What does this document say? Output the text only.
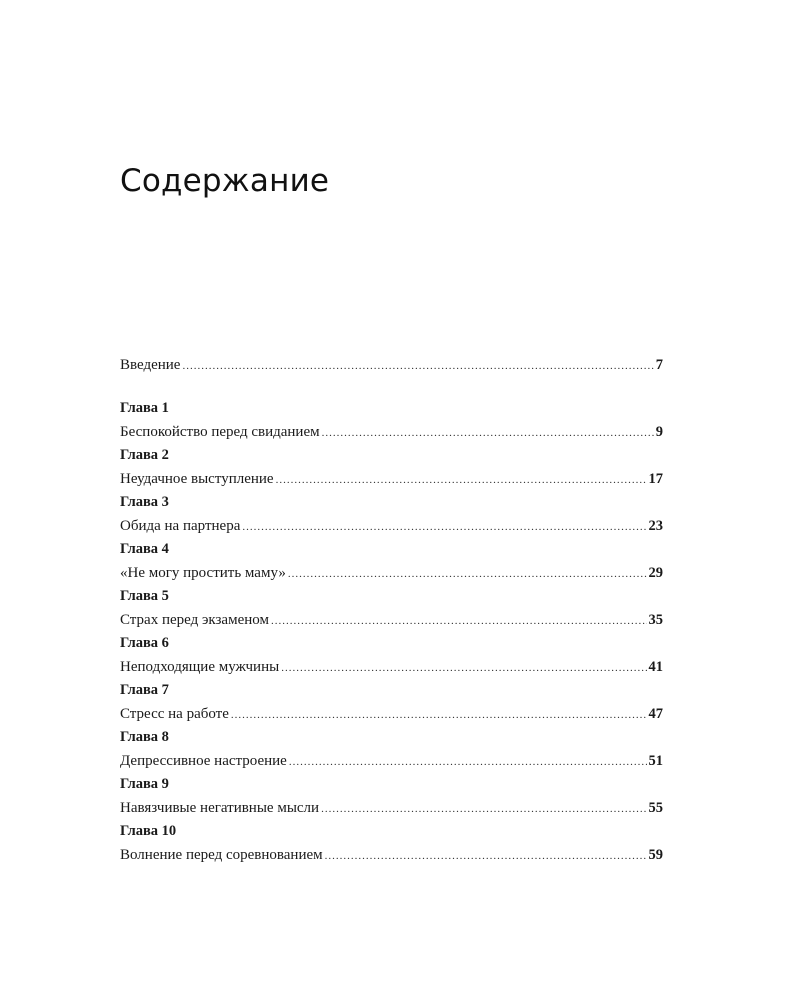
Содержание
Введение .....	7
Глава 1
Беспокойство перед свиданием .....	9
Глава 2
Неудачное выступление .....	17
Глава 3
Обида на партнера .....	23
Глава 4
«Не могу простить маму» .....	29
Глава 5
Страх перед экзаменом .....	35
Глава 6
Неподходящие мужчины .....	41
Глава 7
Стресс на работе .....	47
Глава 8
Депрессивное настроение .....	51
Глава 9
Навязчивые негативные мысли .....	55
Глава 10
Волнение перед соревнованием .....	59
